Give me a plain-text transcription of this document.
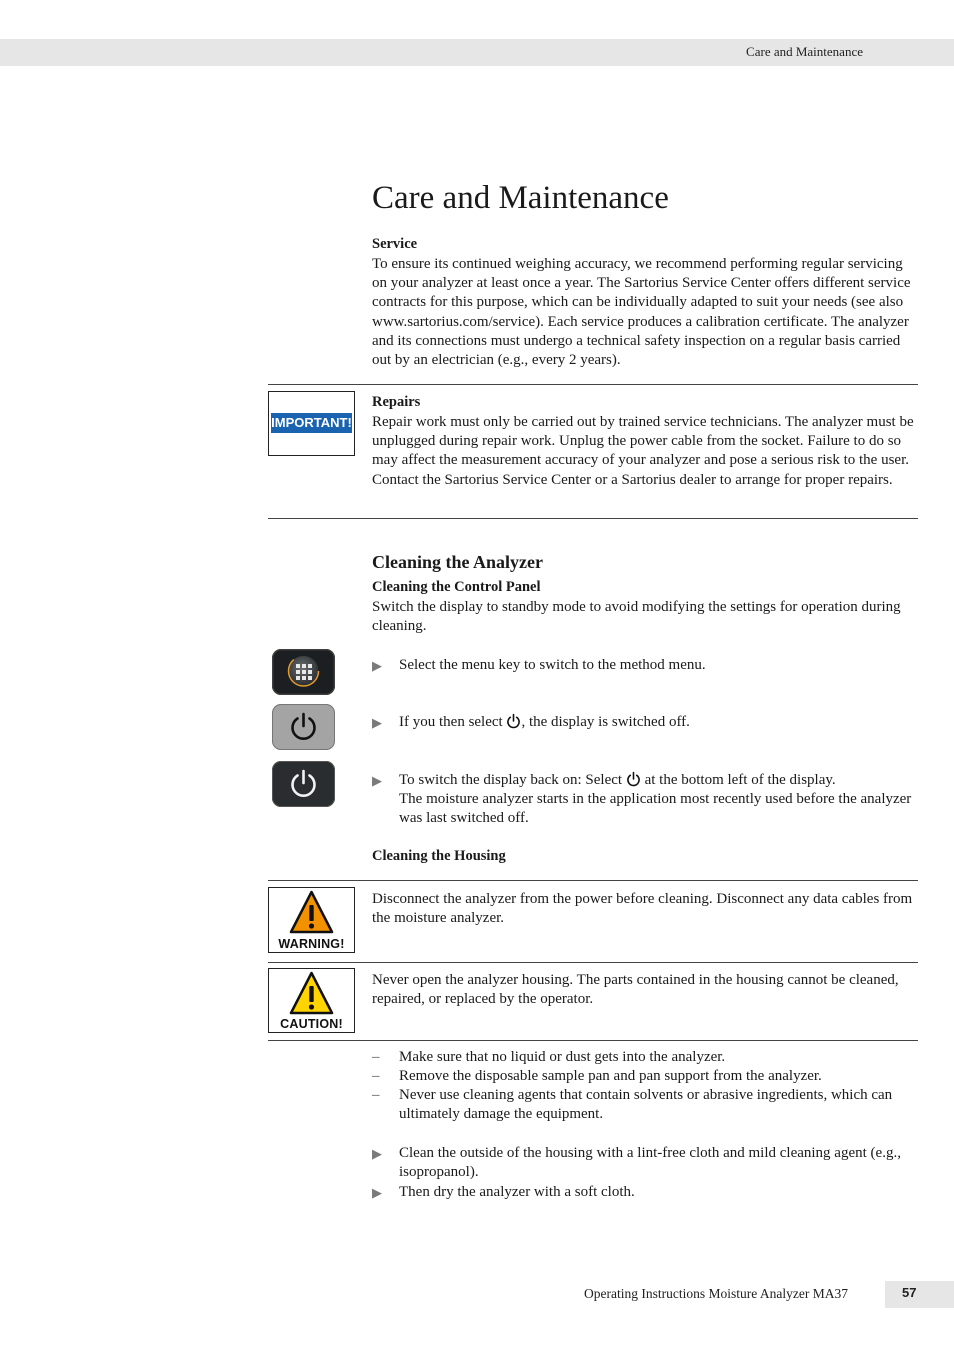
Care and Maintenance
Care and Maintenance
Service
To ensure its continued weighing accuracy, we recommend performing regular servicing on your analyzer at least once a year. The Sartorius Service Center offers different service contracts for this purpose, which can be individually adapted to suit your needs (see also www.sartorius.com/service). Each service produces a calibration certificate. The analyzer and its connections must undergo a technical safety inspection on a regular basis carried out by an electrician (e.g., every 2 years).
IMPORTANT!
Repairs
Repair work must only be carried out by trained service technicians. The analyzer must be unplugged during repair work. Unplug the power cable from the socket. Failure to do so may affect the measurement accuracy of your analyzer and pose a serious risk to the user. Contact the Sartorius Service Center or a Sartorius dealer to arrange for proper repairs.
Cleaning the Analyzer
Cleaning the Control Panel
Switch the display to standby mode to avoid modifying the settings for operation during cleaning.
▶	Select the menu key to switch to the method menu.
▶	If you then select , the display is switched off.
▶	To switch the display back on: Select  at the bottom left of the display.
The moisture analyzer starts in the application most recently used before the analyzer was last switched off.
Cleaning the Housing
WARNING!
Disconnect the analyzer from the power before cleaning. Disconnect any data cables from the moisture analyzer.
CAUTION!
Never open the analyzer housing. The parts contained in the housing cannot be cleaned, repaired, or replaced by the operator.
– Make sure that no liquid or dust gets into the analyzer.
– Remove the disposable sample pan and pan support from the analyzer.
– Never use cleaning agents that contain solvents or abrasive ingredients, which can ultimately damage the equipment.
▶	Clean the outside of the housing with a lint-free cloth and mild cleaning agent (e.g., isopropanol).
▶	Then dry the analyzer with a soft cloth.
Operating Instructions Moisture Analyzer MA37	57
